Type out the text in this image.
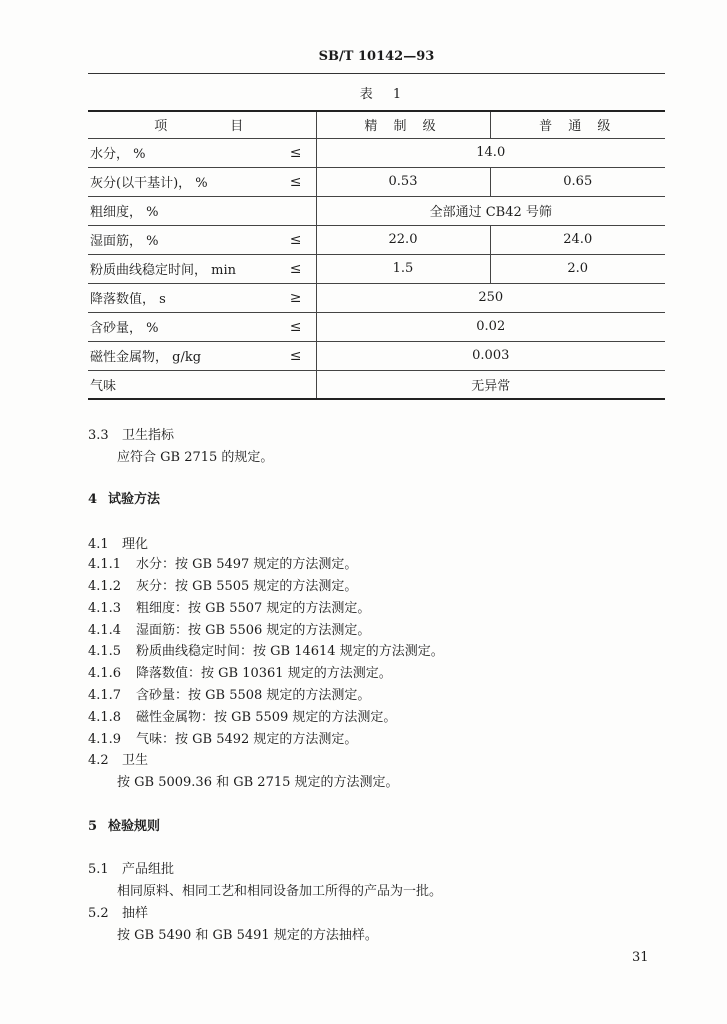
SB/T 10142—93
表 1
项　　　目	精 制 级	普 通 级
水分， % ≤	14.0	
灰分(以干基计)， % ≤	0.53	0.65
粗细度， %	全部通过 CB42 号筛	
湿面筋， % ≤	22.0	24.0
粉质曲线稳定时间， min ≤	1.5	2.0
降落数值， s ≥	250	
含砂量， % ≤	0.02	
磁性金属物， g/kg ≤	0.003	
气味	无异常	
3.3 卫生指标
应符合 GB 2715 的规定。
4 试验方法
4.1 理化
4.1.1 水分：按 GB 5497 规定的方法测定。
4.1.2 灰分：按 GB 5505 规定的方法测定。
4.1.3 粗细度：按 GB 5507 规定的方法测定。
4.1.4 湿面筋：按 GB 5506 规定的方法测定。
4.1.5 粉质曲线稳定时间：按 GB 14614 规定的方法测定。
4.1.6 降落数值：按 GB 10361 规定的方法测定。
4.1.7 含砂量：按 GB 5508 规定的方法测定。
4.1.8 磁性金属物：按 GB 5509 规定的方法测定。
4.1.9 气味：按 GB 5492 规定的方法测定。
4.2 卫生
按 GB 5009.36 和 GB 2715 规定的方法测定。
5 检验规则
5.1 产品组批
相同原料、相同工艺和相同设备加工所得的产品为一批。
5.2 抽样
按 GB 5490 和 GB 5491 规定的方法抽样。
31
